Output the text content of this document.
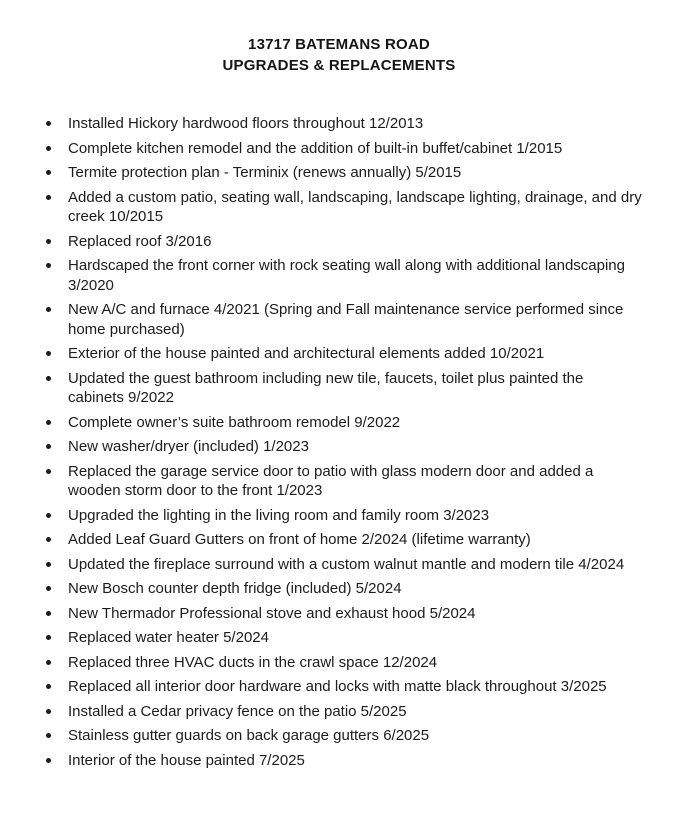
13717 BATEMANS ROAD
UPGRADES & REPLACEMENTS
Installed Hickory hardwood floors throughout 12/2013
Complete kitchen remodel and the addition of built-in buffet/cabinet 1/2015
Termite protection plan - Terminix (renews annually) 5/2015
Added a custom patio, seating wall, landscaping, landscape lighting, drainage, and dry creek 10/2015
Replaced roof 3/2016
Hardscaped the front corner with rock seating wall along with additional landscaping 3/2020
New A/C and furnace 4/2021 (Spring and Fall maintenance service performed since home purchased)
Exterior of the house painted and architectural elements added 10/2021
Updated the guest bathroom including new tile, faucets, toilet plus painted the cabinets 9/2022
Complete owner’s suite bathroom remodel 9/2022
New washer/dryer (included) 1/2023
Replaced the garage service door to patio with glass modern door and added a wooden storm door to the front 1/2023
Upgraded the lighting in the living room and family room 3/2023
Added Leaf Guard Gutters on front of home 2/2024 (lifetime warranty)
Updated the fireplace surround with a custom walnut mantle and modern tile 4/2024
New Bosch counter depth fridge (included) 5/2024
New Thermador Professional stove and exhaust hood 5/2024
Replaced water heater 5/2024
Replaced three HVAC ducts in the crawl space 12/2024
Replaced all interior door hardware and locks with matte black throughout 3/2025
Installed a Cedar privacy fence on the patio 5/2025
Stainless gutter guards on back garage gutters 6/2025
Interior of the house painted 7/2025
